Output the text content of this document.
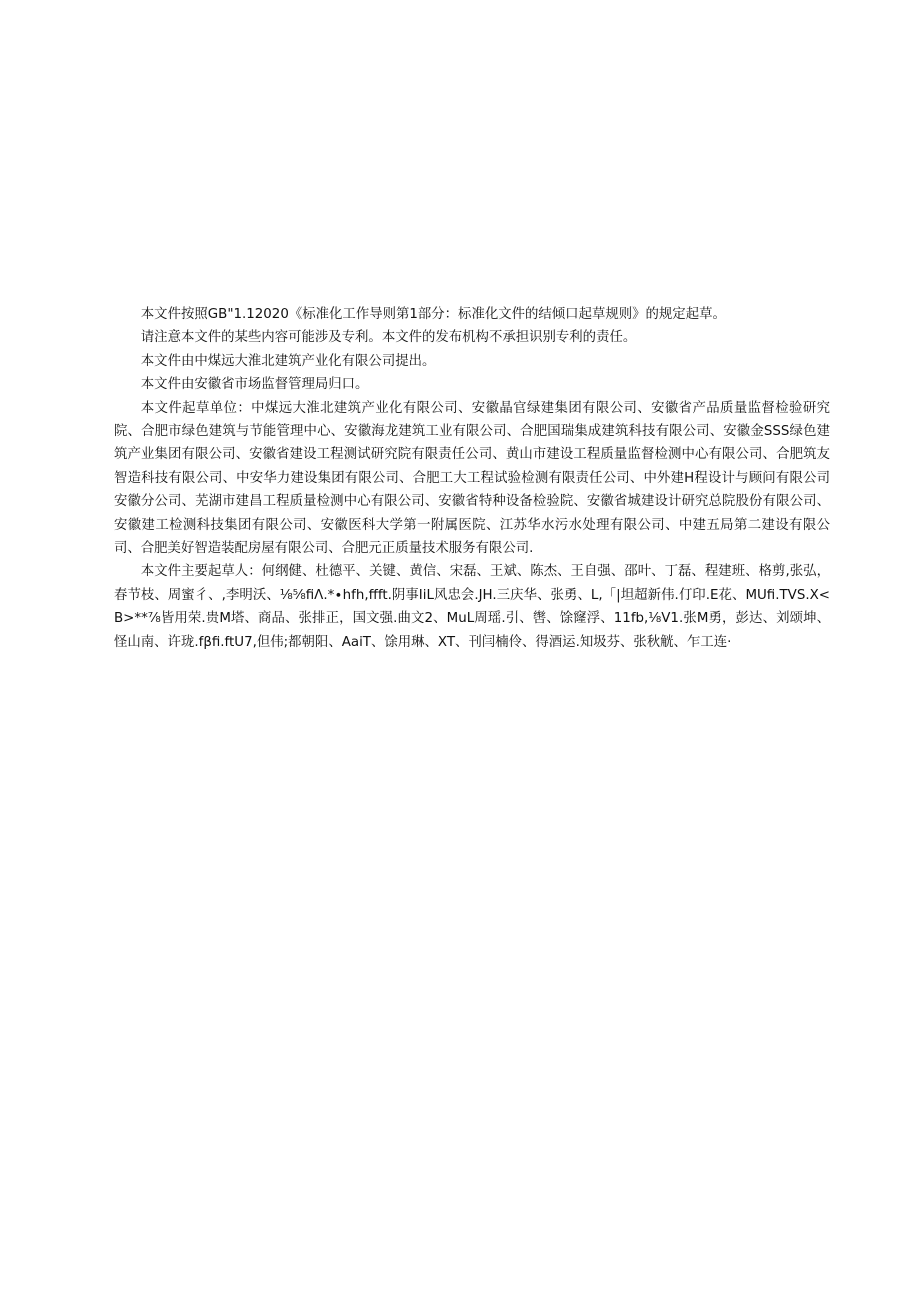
本文件按照GB"1.12020《标准化工作导则第1部分：标准化文件的结倾口起草规则》的规定起草。

请注意本文件的某些内容可能涉及专利。本文件的发布机构不承担识别专利的责任。

本文件由中煤远大淮北建筑产业化有限公司提出。

本文件由安徽省市场监督管理局归口。

本文件起草单位：中煤远大淮北建筑产业化有限公司、安徽晶官绿建集团有限公司、安徽省产品质量监督检验研究院、合肥市绿色建筑与节能管理中心、安徽海龙建筑工业有限公司、合肥国瑞集成建筑科技有限公司、安徽金SSS绿色建筑产业集团有限公司、安徽省建设工程测试研究院有限责任公司、黄山市建设工程质量监督检测中心有限公司、合肥筑友智造科技有限公司、中安华力建设集团有限公司、合肥工大工程试验检测有限责任公司、中外建H程设计与顾问有限公司安徽分公司、芜湖市建昌工程质量检测中心有限公司、安徽省特种设备检验院、安徽省城建设计研究总院股份有限公司、安徽建工检测科技集团有限公司、安徽医科大学第一附属医院、江苏华水污水处理有限公司、中建五局第二建设有限公司、合肥美好智造装配房屋有限公司、合肥元正质量技术服务有限公司.

本文件主要起草人：何纲健、杜德平、关键、黄信、宋磊、王斌、陈杰、王自强、邵叶、丁磊、程建班、格剪,张弘，春节枝、周蜜彳、,李明沃、⅛⅝fiΛ.*∙hfh,ffft.阴事IiL风忠会.JH.三庆华、张勇、L,「|坦超新伟.仃印.E花、MUfi.TVS.X<B>**⅞皆用荣.贵M塔、商品、张排正，国文强.曲文2、MuL周瑶.引、辔、馀窿浮、11fb,⅛V1.张M勇，彭达、刘颂坤、怪山南、许珑.fβfi.ftU7,但伟;都朝阳、AaiT、馀用琳、XT、刊闫楠伶、得酒运.知圾芬、张秋觥、乍工连·
